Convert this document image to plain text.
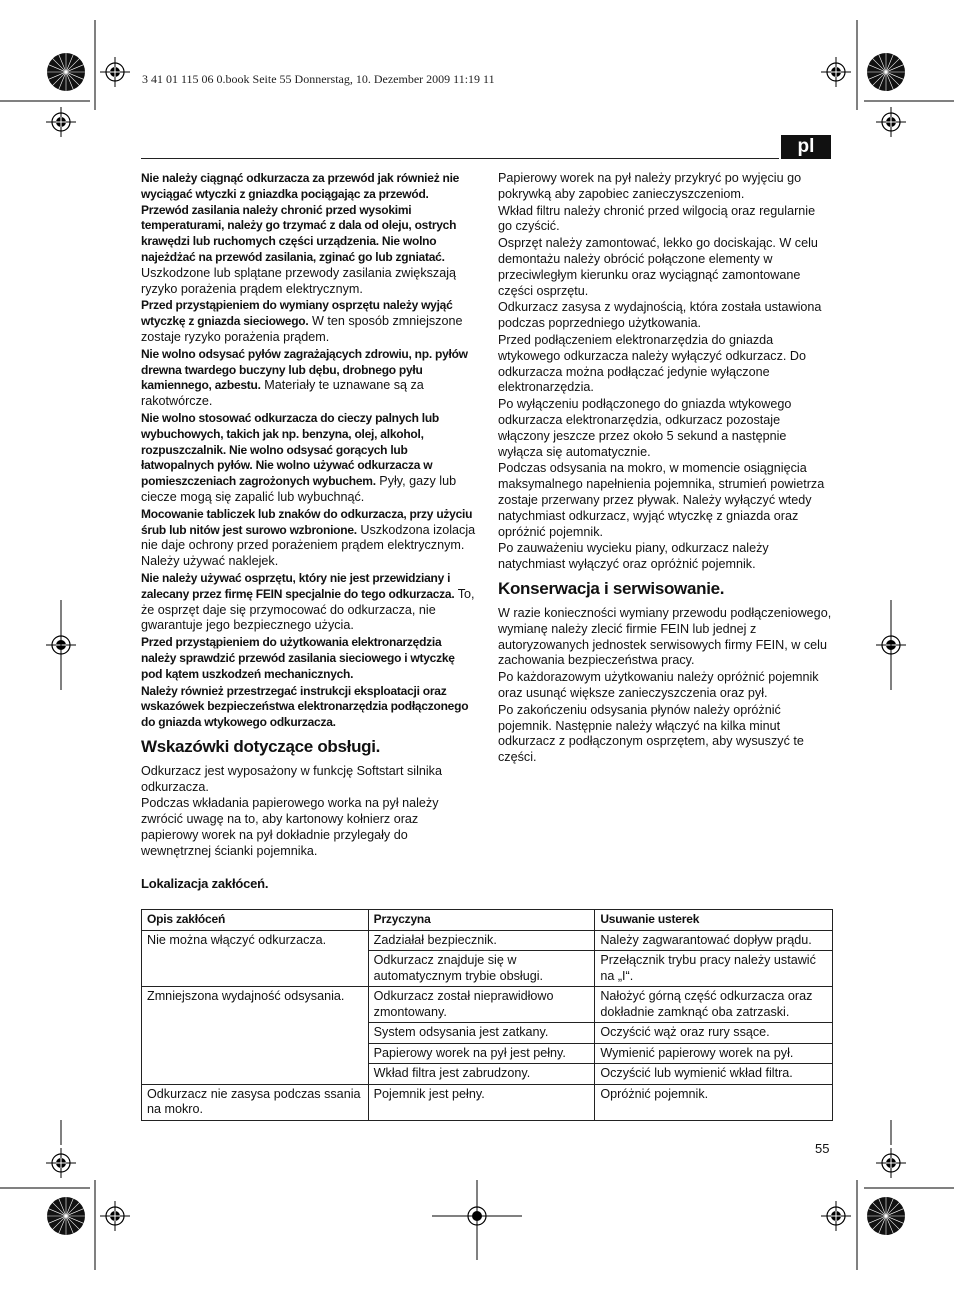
3 41 01 115 06 0.book Seite 55 Donnerstag, 10. Dezember 2009 11:19 11
pl

Nie należy ciągnąć odkurzacza za przewód jak również nie wyciągać wtyczki z gniazdka pociągając za przewód. Przewód zasilania należy chronić przed wysokimi temperaturami, należy go trzymać z dala od oleju, ostrych krawędzi lub ruchomych części urządzenia. Nie wolno najeżdżać na przewód zasilania, zginać go lub zgniatać. Uszkodzone lub splątane przewody zasilania zwiększają ryzyko porażenia prądem elektrycznym.

Przed przystąpieniem do wymiany osprzętu należy wyjąć wtyczkę z gniazda sieciowego. W ten sposób zmniejszone zostaje ryzyko porażenia prądem.

Nie wolno odsysać pyłów zagrażających zdrowiu, np. pyłów drewna twardego buczyny lub dębu, drobnego pyłu kamiennego, azbestu. Materiały te uznawane są za rakotwórcze.

Nie wolno stosować odkurzacza do cieczy palnych lub wybuchowych, takich jak np. benzyna, olej, alkohol, rozpuszczalnik. Nie wolno odsysać gorących lub łatwopalnych pyłów. Nie wolno używać odkurzacza w pomieszczeniach zagrożonych wybuchem. Pyły, gazy lub ciecze mogą się zapalić lub wybuchnąć.

Mocowanie tabliczek lub znaków do odkurzacza, przy użyciu śrub lub nitów jest surowo wzbronione. Uszkodzona izolacja nie daje ochrony przed porażeniem prądem elektrycznym. Należy używać naklejek.

Nie należy używać osprzętu, który nie jest przewidziany i zalecany przez firmę FEIN specjalnie do tego odkurzacza. To, że osprzęt daje się przymocować do odkurzacza, nie gwarantuje jego bezpiecznego użycia.

Przed przystąpieniem do użytkowania elektronarzędzia należy sprawdzić przewód zasilania sieciowego i wtyczkę pod kątem uszkodzeń mechanicznych.

Należy również przestrzegać instrukcji eksploatacji oraz wskazówek bezpieczeństwa elektronarzędzia podłączonego do gniazda wtykowego odkurzacza.

Wskazówki dotyczące obsługi.

Odkurzacz jest wyposażony w funkcję Softstart silnika odkurzacza.

Podczas wkładania papierowego worka na pył należy zwrócić uwagę na to, aby kartonowy kołnierz oraz papierowy worek na pył dokładnie przylegały do wewnętrznej ścianki pojemnika.

Papierowy worek na pył należy przykryć po wyjęciu go pokrywką aby zapobiec zanieczyszczeniom.

Wkład filtru należy chronić przed wilgocią oraz regularnie go czyścić.

Osprzęt należy zamontować, lekko go dociskając. W celu demontażu należy obrócić połączone elementy w przeciwległym kierunku oraz wyciągnąć zamontowane części osprzętu.

Odkurzacz zasysa z wydajnością, która została ustawiona podczas poprzedniego użytkowania.

Przed podłączeniem elektronarzędzia do gniazda wtykowego odkurzacza należy wyłączyć odkurzacz. Do odkurzacza można podłączać jedynie wyłączone elektronarzędzia.

Po wyłączeniu podłączonego do gniazda wtykowego odkurzacza elektronarzędzia, odkurzacz pozostaje włączony jeszcze przez około 5 sekund a następnie wyłącza się automatycznie.

Podczas odsysania na mokro, w momencie osiągnięcia maksymalnego napełnienia pojemnika, strumień powietrza zostaje przerwany przez pływak. Należy wyłączyć wtedy natychmiast odkurzacz, wyjąć wtyczkę z gniazda oraz opróżnić pojemnik.

Po zauważeniu wycieku piany, odkurzacz należy natychmiast wyłączyć oraz opróżnić pojemnik.

Konserwacja i serwisowanie.

W razie konieczności wymiany przewodu podłączeniowego, wymianę należy zlecić firmie FEIN lub jednej z autoryzowanych jednostek serwisowych firmy FEIN, w celu zachowania bezpieczeństwa pracy.

Po każdorazowym użytkowaniu należy opróżnić pojemnik oraz usunąć większe zanieczyszczenia oraz pył.

Po zakończeniu odsysania płynów należy opróżnić pojemnik. Następnie należy włączyć na kilka minut odkurzacz z podłączonym osprzętem, aby wysuszyć te części.

Lokalizacja zakłóceń.
Opis zakłóceń	Przyczyna	Usuwanie usterek
Nie można włączyć odkurzacza.	Zadziałał bezpiecznik.	Należy zagwarantować dopływ prądu.
	Odkurzacz znajduje się w automatycznym trybie obsługi.	Przełącznik trybu pracy należy ustawić na „I“.
Zmniejszona wydajność odsysania.	Odkurzacz został nieprawidłowo zmontowany.	Nałożyć górną część odkurzacza oraz dokładnie zamknąć oba zatrzaski.
	System odsysania jest zatkany.	Oczyścić wąż oraz rury ssące.
	Papierowy worek na pył jest pełny.	Wymienić papierowy worek na pył.
	Wkład filtra jest zabrudzony.	Oczyścić lub wymienić wkład filtra.
Odkurzacz nie zasysa podczas ssania na mokro.	Pojemnik jest pełny.	Opróżnić pojemnik.
55
